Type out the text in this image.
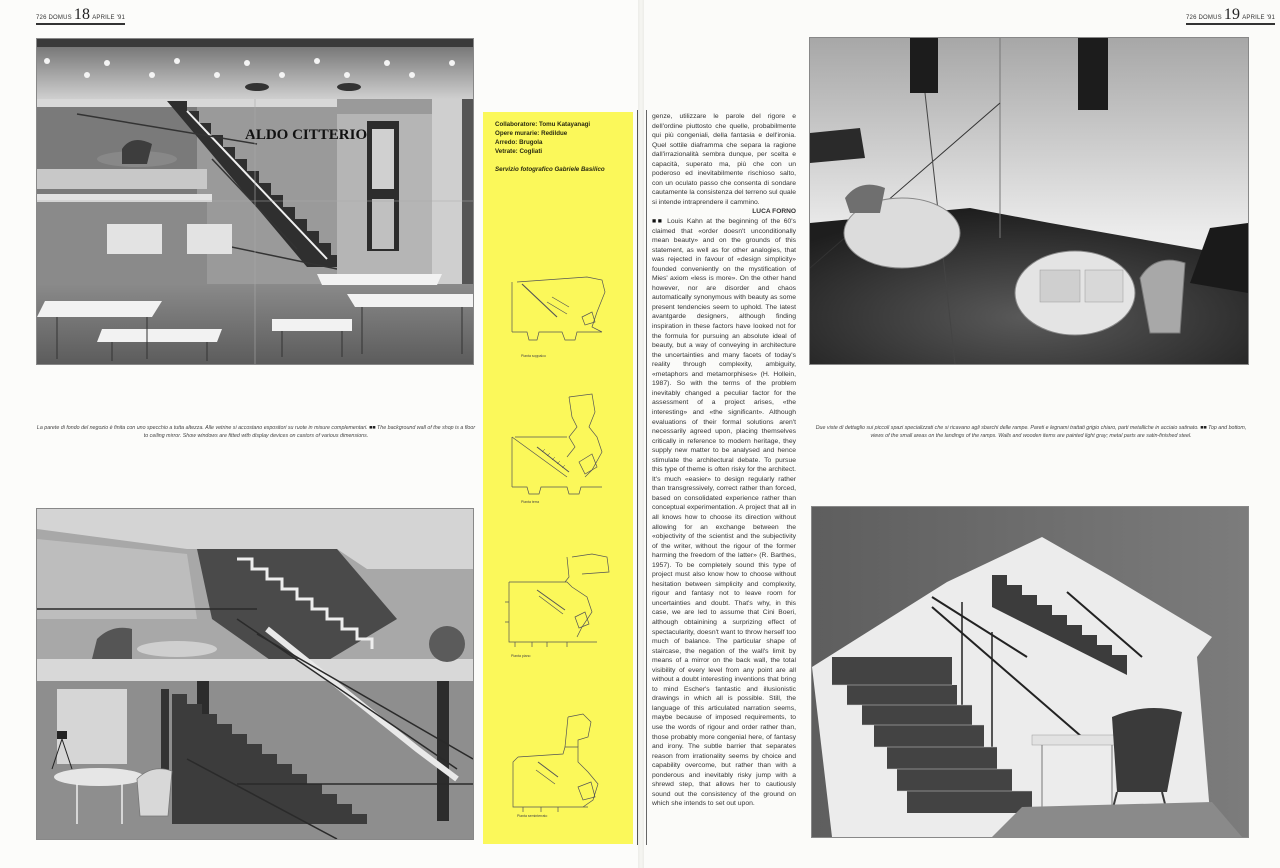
726 DOMUS 18 APRILE '91
ALDO CITTERIO
La parete di fondo del negozio è finita con uno specchio a tutta altezza. Alle vetrine si accostano espositori su ruote in misure complementari. ■■ The background wall of the shop is a floor to ceiling mirror. Show windows are fitted with display devices on castors of various dimensions.
Collaboratore: Tomu Katayanagi
Opere murarie: Redildue
Arredo: Brugola
Vetrate: Cogliati
Servizio fotografico Gabriele Basilico
Pianta soppalco
Pianta terra
Pianta piano
Pianta seminterrato
726 DOMUS 19 APRILE '91

genze, utilizzare le parole del rigore e dell'ordine piuttosto che quelle, probabilmente qui più congeniali, della fantasia e dell'ironia. Quel sottile diaframma che separa la ragione dall'irrazionalità sembra dunque, per scelta e capacità, superato ma, più che con un poderoso ed inevitabilmente rischioso salto, con un oculato passo che consenta di sondare cautamente la consistenza del terreno sul quale si intende intraprendere il cammino.

LUCA FORNO

■■ Louis Kahn at the beginning of the 60's claimed that «order doesn't unconditionally mean beauty» and on the grounds of this statement, as well as for other analogies, that was rejected in favour of «design simplicity» founded conveniently on the mystification of Mies' axiom «less is more». On the other hand however, nor are disorder and chaos automatically synonymous with beauty as some present tendencies seem to uphold. The latest avantgarde designers, although finding inspiration in these factors have looked not for the formula for pursuing an absolute ideal of beauty, but a way of conveying in architecture the uncertainties and many facets of today's reality through complexity, ambiguity, «metaphors and metamorphises» (H. Hollein, 1987). So with the terms of the problem inevitably changed a peculiar factor for the assessment of a project arises, «the interesting» and «the significant». Although evaluations of their formal solutions aren't necessarily agreed upon, placing themselves critically in reference to modern heritage, they supply new matter to be analysed and hence stimulate the architectural debate. To pursue this type of theme is often risky for the architect. It's much «easier» to design regularly rather than transgressively, correct rather than forced, based on consolidated experience rather than conceptual experimentation. A project that all in all knows how to choose its direction without allowing for an exchange between the «objectivity of the scientist and the subjectivity of the writer, without the rigour of the former harming the freedom of the latter» (R. Barthes, 1957). To be completely sound this type of project must also know how to choose without hesitation between simplicity and complexity, rigour and fantasy not to leave room for uncertainties and doubt. That's why, in this case, we are led to assume that Cini Boeri, although obtainining a surprizing effect of spectacularity, doesn't want to throw herself too much of balance. The particular shape of staircase, the negation of the wall's limit by means of a mirror on the back wall, the total visibility of every level from any point are all without a doubt interesting inventions that bring to mind Escher's fantastic and illusionistic drawings in which all is possible. Still, the language of this articulated narration seems, maybe because of imposed requirements, to use the words of rigour and order rather than, those probably more congenial here, of fantasy and irony. The subtle barrier that separates reason from irrationality seems by choice and capability overcome, but rather than with a ponderous and inevitably risky jump with a shrewd step, that allows her to cautiously sound out the consistency of the ground on which she intends to set out upon.

Due viste di dettaglio sui piccoli spazi specializzati che si ricavano agli sbarchi delle rampe. Pareti e legnami trattati grigio chiaro, parti metalliche in acciaio satinato. ■■ Top and bottom, views of the small areas on the landings of the ramps. Walls and wooden items are painted light gray; metal parts are satin-finished steel.
